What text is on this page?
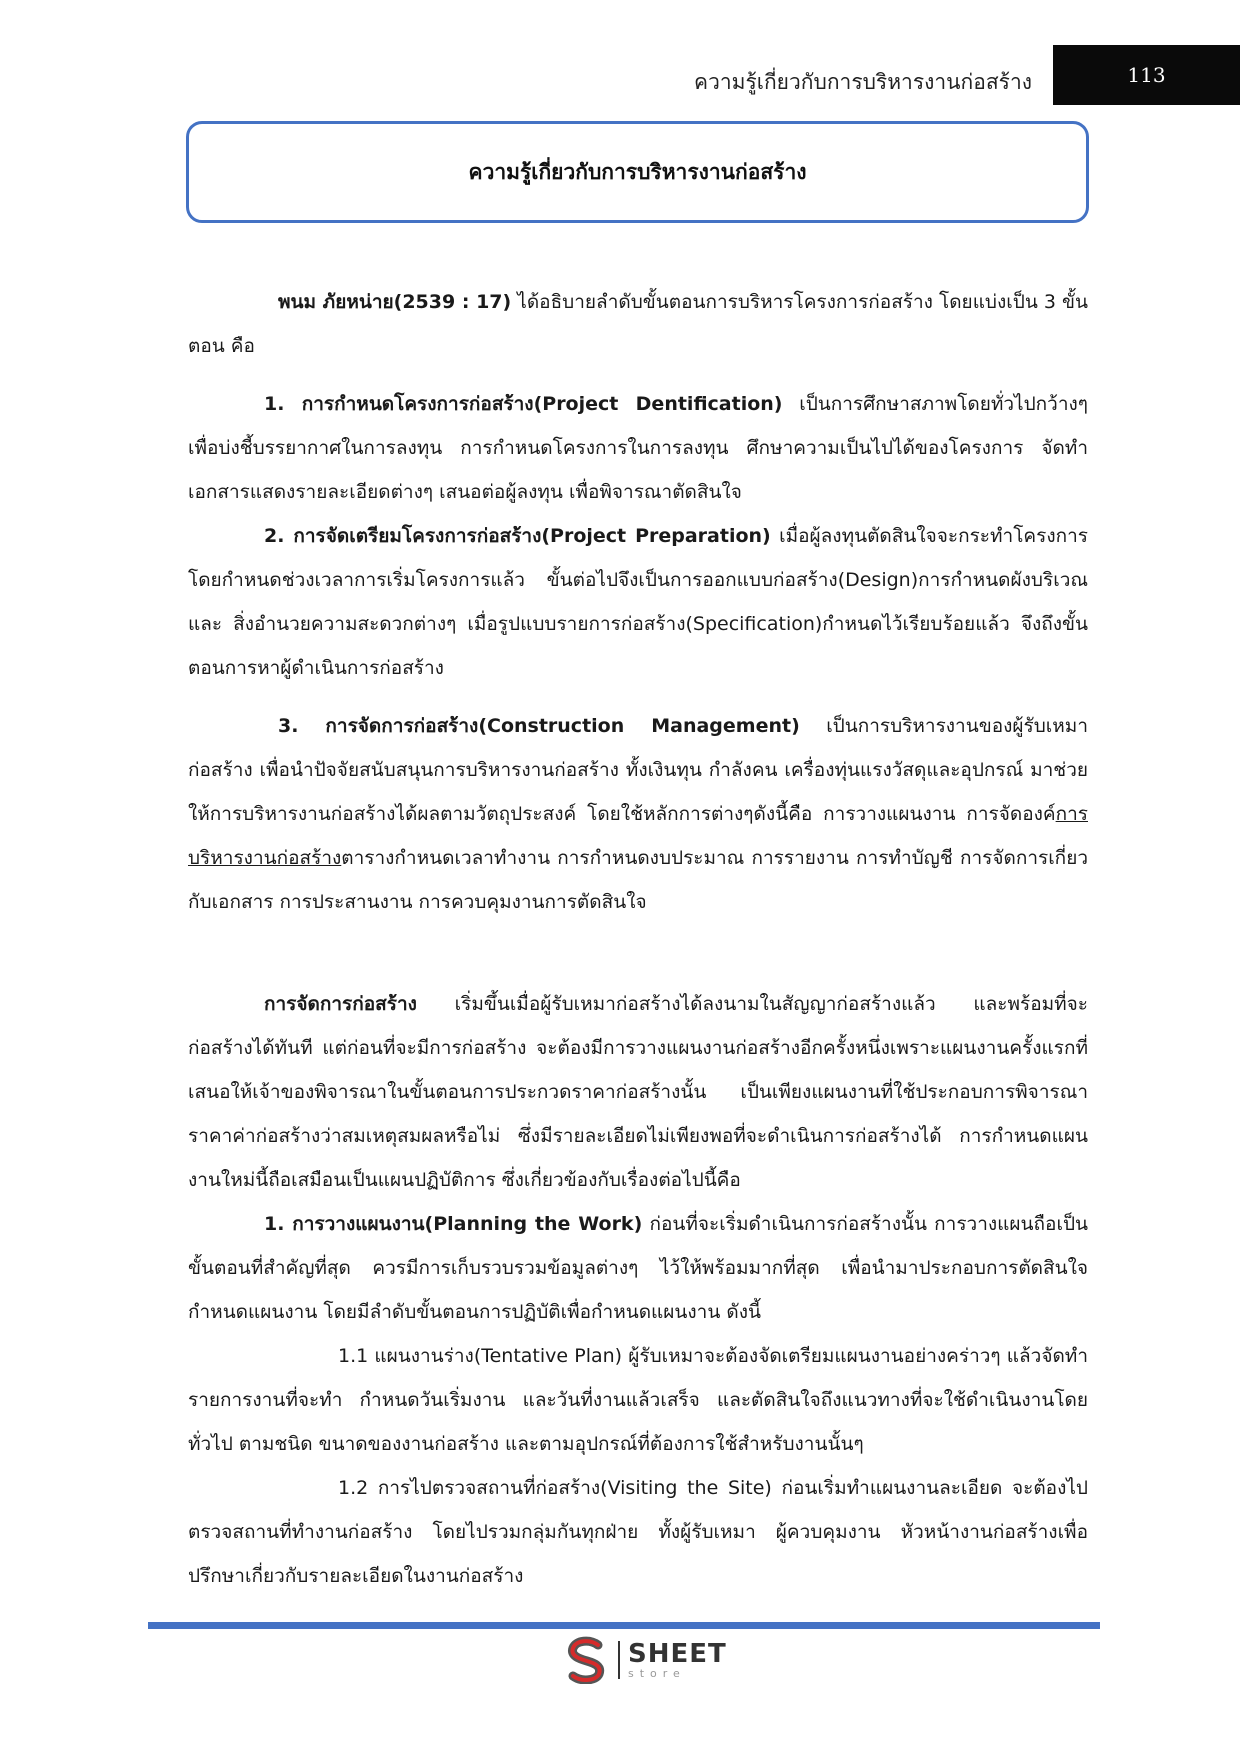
ความรู้เกี่ยวกับการบริหารงานก่อสร้าง	113
ความรู้เกี่ยวกับการบริหารงานก่อสร้าง

พนม ภัยหน่าย(2539 : 17) ได้อธิบายลำดับขั้นตอนการบริหารโครงการก่อสร้าง โดยแบ่งเป็น 3 ขั้นตอน คือ

1. การกำหนดโครงการก่อสร้าง(Project Dentification) เป็นการศึกษาสภาพโดยทั่วไปกว้างๆ เพื่อบ่งชี้บรรยากาศในการลงทุน การกำหนดโครงการในการลงทุน ศึกษาความเป็นไปได้ของโครงการ จัดทำเอกสารแสดงรายละเอียดต่างๆ เสนอต่อผู้ลงทุน เพื่อพิจารณาตัดสินใจ

2. การจัดเตรียมโครงการก่อสร้าง(Project Preparation) เมื่อผู้ลงทุนตัดสินใจจะกระทำโครงการ โดยกำหนดช่วงเวลาการเริ่มโครงการแล้ว ขั้นต่อไปจึงเป็นการออกแบบก่อสร้าง(Design)การกำหนดผังบริเวณ และ สิ่งอำนวยความสะดวกต่างๆ เมื่อรูปแบบรายการก่อสร้าง(Specification)กำหนดไว้เรียบร้อยแล้ว จึงถึงขั้นตอนการหาผู้ดำเนินการก่อสร้าง

3. การจัดการก่อสร้าง(Construction Management) เป็นการบริหารงานของผู้รับเหมาก่อสร้าง เพื่อนำปัจจัยสนับสนุนการบริหารงานก่อสร้าง ทั้งเงินทุน กำลังคน เครื่องทุ่นแรงวัสดุและอุปกรณ์ มาช่วยให้การบริหารงานก่อสร้างได้ผลตามวัตถุประสงค์ โดยใช้หลักการต่างๆดังนี้คือ การวางแผนงาน การจัดองค์การบริหารงานก่อสร้างตารางกำหนดเวลาทำงาน การกำหนดงบประมาณ การรายงาน การทำบัญชี การจัดการเกี่ยวกับเอกสาร การประสานงาน การควบคุมงานการตัดสินใจ

การจัดการก่อสร้าง เริ่มขึ้นเมื่อผู้รับเหมาก่อสร้างได้ลงนามในสัญญาก่อสร้างแล้ว และพร้อมที่จะก่อสร้างได้ทันที แต่ก่อนที่จะมีการก่อสร้าง จะต้องมีการวางแผนงานก่อสร้างอีกครั้งหนึ่งเพราะแผนงานครั้งแรกที่เสนอให้เจ้าของพิจารณาในขั้นตอนการประกวดราคาก่อสร้างนั้น เป็นเพียงแผนงานที่ใช้ประกอบการพิจารณาราคาค่าก่อสร้างว่าสมเหตุสมผลหรือไม่ ซึ่งมีรายละเอียดไม่เพียงพอที่จะดำเนินการก่อสร้างได้ การกำหนดแผนงานใหม่นี้ถือเสมือนเป็นแผนปฏิบัติการ ซึ่งเกี่ยวข้องกับเรื่องต่อไปนี้คือ

1. การวางแผนงาน(Planning the Work) ก่อนที่จะเริ่มดำเนินการก่อสร้างนั้น การวางแผนถือเป็นขั้นตอนที่สำคัญที่สุด ควรมีการเก็บรวบรวมข้อมูลต่างๆ ไว้ให้พร้อมมากที่สุด เพื่อนำมาประกอบการตัดสินใจกำหนดแผนงาน โดยมีลำดับขั้นตอนการปฏิบัติเพื่อกำหนดแผนงาน ดังนี้

1.1 แผนงานร่าง(Tentative Plan) ผู้รับเหมาจะต้องจัดเตรียมแผนงานอย่างคร่าวๆ แล้วจัดทำรายการงานที่จะทำ กำหนดวันเริ่มงาน และวันที่งานแล้วเสร็จ และตัดสินใจถึงแนวทางที่จะใช้ดำเนินงานโดยทั่วไป ตามชนิด ขนาดของงานก่อสร้าง และตามอุปกรณ์ที่ต้องการใช้สำหรับงานนั้นๆ

1.2 การไปตรวจสถานที่ก่อสร้าง(Visiting the Site) ก่อนเริ่มทำแผนงานละเอียด จะต้องไปตรวจสถานที่ทำงานก่อสร้าง โดยไปรวมกลุ่มกันทุกฝ่าย ทั้งผู้รับเหมา ผู้ควบคุมงาน หัวหน้างานก่อสร้างเพื่อปรึกษาเกี่ยวกับรายละเอียดในงานก่อสร้าง

SHEET
store
